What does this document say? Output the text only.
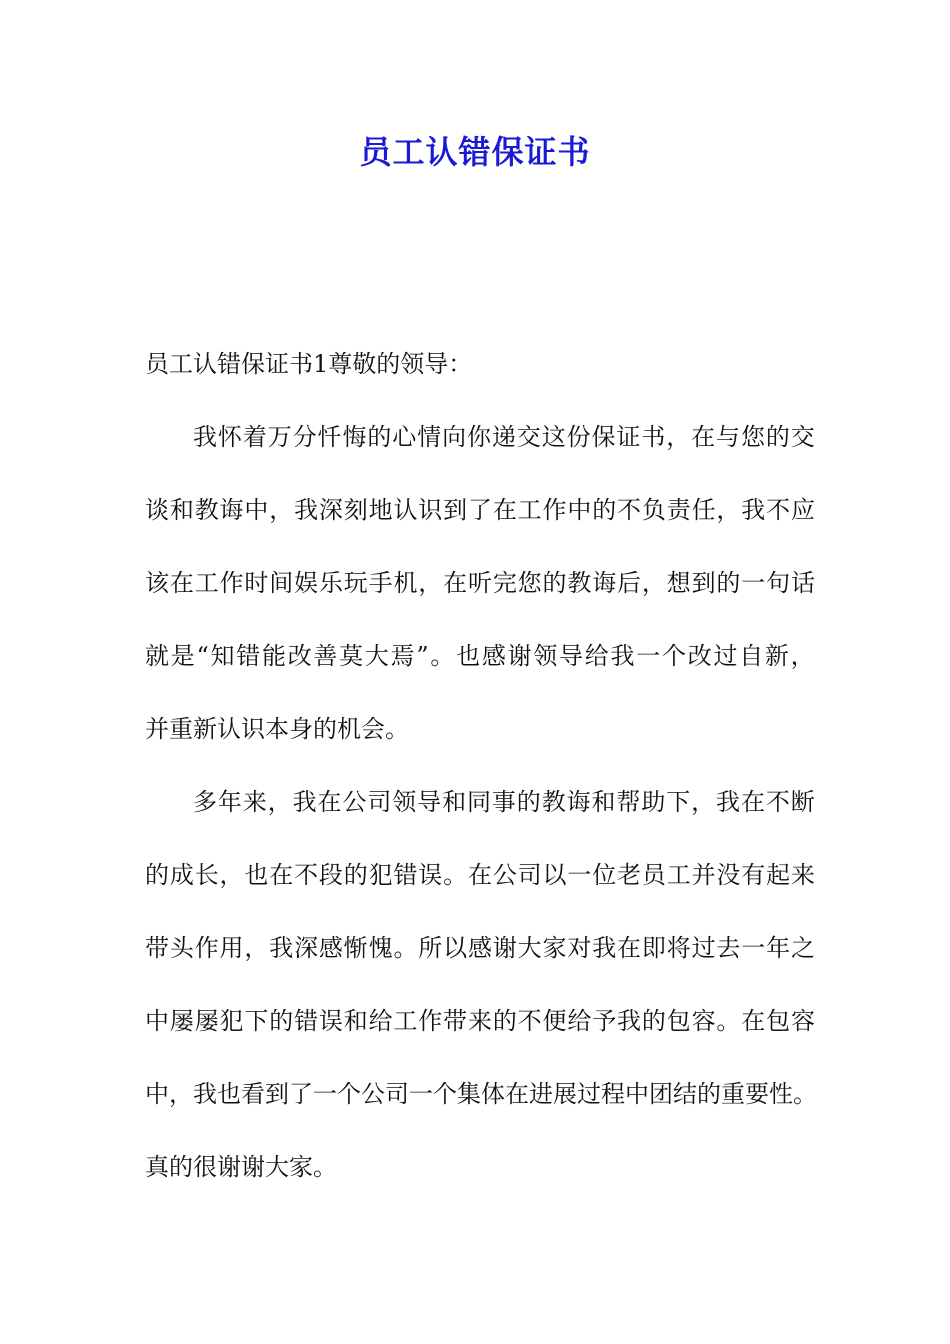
员工认错保证书
员工认错保证书1尊敬的领导：
我 怀 着 万 分 忏 悔 的 心 情 向 你 递 交 这 份 保 证 书 ， 在 与 您 的 交
谈 和 教 诲 中 ， 我 深 刻 地 认 识 到 了 在 工 作 中 的 不 负 责 任 ， 我 不 应
该 在 工 作 时 间 娱 乐 玩 手 机 ， 在 听 完 您 的 教 诲 后 ， 想 到 的 一 句 话
就 是 “ 知 错 能 改 善 莫 大 焉 ” 。 也 感 谢 领 导 给 我 一 个 改 过 自 新 ，
并重新认识本身的机会。
多 年 来 ， 我 在 公 司 领 导 和 同 事 的 教 诲 和 帮 助 下 ， 我 在 不 断
的 成 长 ， 也 在 不 段 的 犯 错 误 。 在 公 司 以 一 位 老 员 工 并 没 有 起 来
带 头 作 用 ， 我 深 感 惭 愧 。 所 以 感 谢 大 家 对 我 在 即 将 过 去 一 年 之
中 屡 屡 犯 下 的 错 误 和 给 工 作 带 来 的 不 便 给 予 我 的 包 容 。 在 包 容
中 ， 我 也 看 到 了 一 个 公 司 一 个 集 体 在 进 展 过 程 中 团 结 的 重 要 性 。
真的很谢谢大家。
